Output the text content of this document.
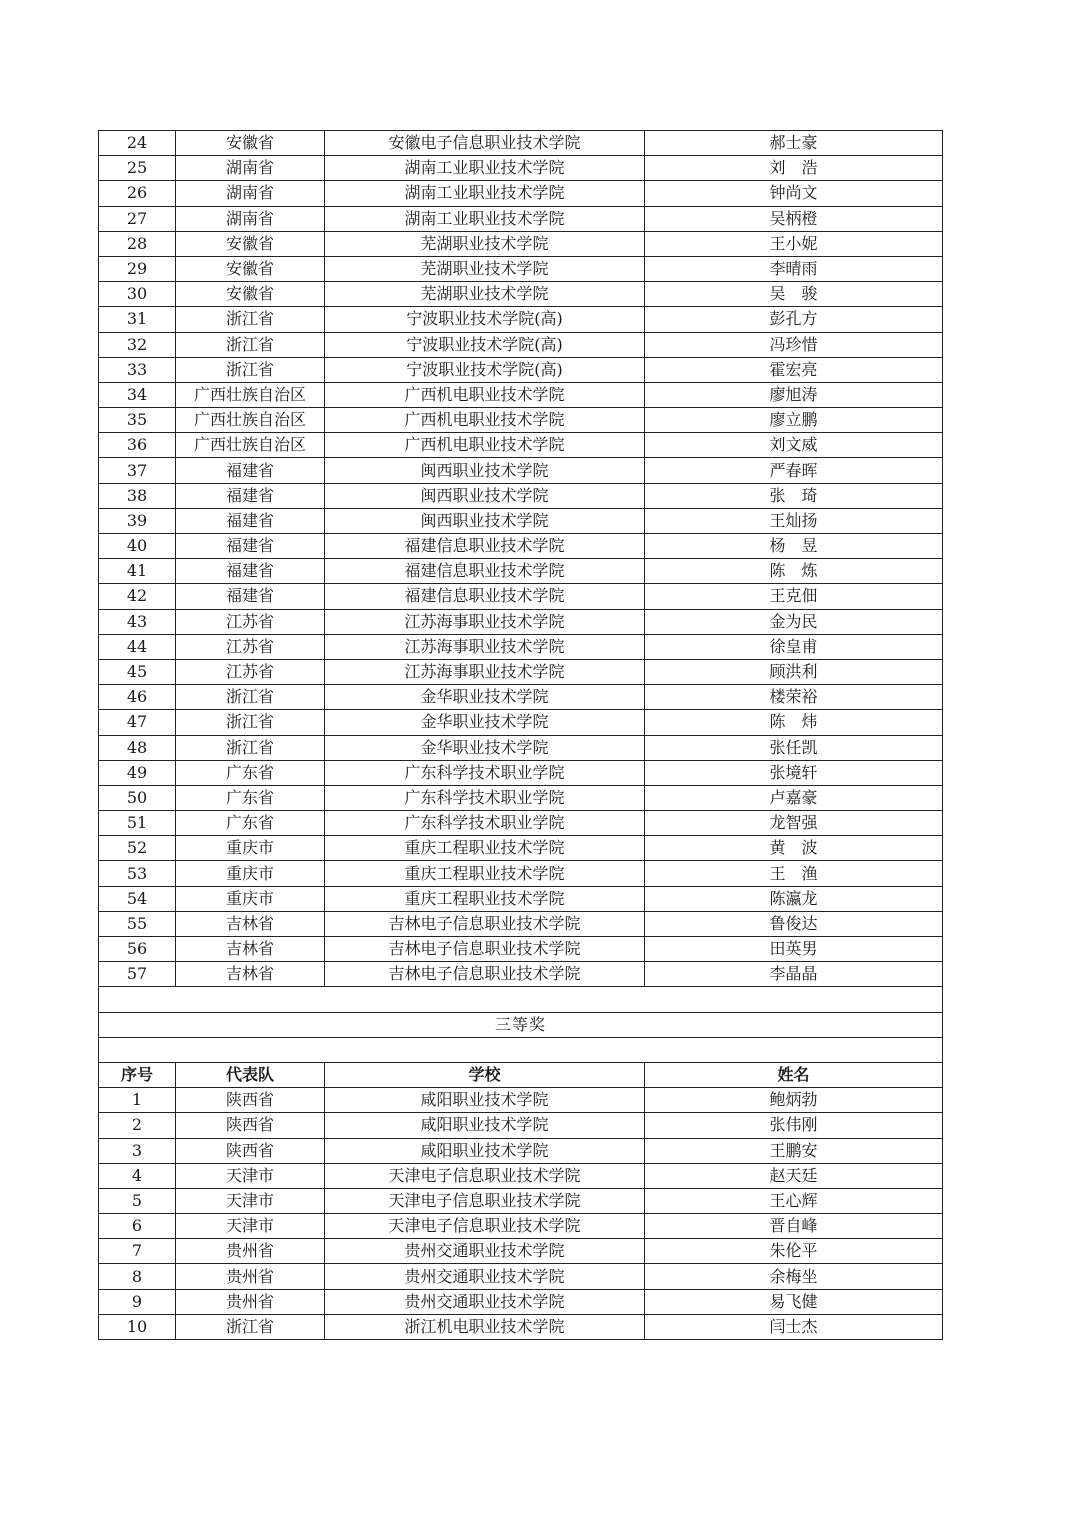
24	安徽省	安徽电子信息职业技术学院	郝士豪
25	湖南省	湖南工业职业技术学院	刘　浩
26	湖南省	湖南工业职业技术学院	钟尚文
27	湖南省	湖南工业职业技术学院	吴柄橙
28	安徽省	芜湖职业技术学院	王小妮
29	安徽省	芜湖职业技术学院	李晴雨
30	安徽省	芜湖职业技术学院	吴　骏
31	浙江省	宁波职业技术学院(高)	彭孔方
32	浙江省	宁波职业技术学院(高)	冯珍惜
33	浙江省	宁波职业技术学院(高)	霍宏亮
34	广西壮族自治区	广西机电职业技术学院	廖旭涛
35	广西壮族自治区	广西机电职业技术学院	廖立鹏
36	广西壮族自治区	广西机电职业技术学院	刘文威
37	福建省	闽西职业技术学院	严春晖
38	福建省	闽西职业技术学院	张　琦
39	福建省	闽西职业技术学院	王灿扬
40	福建省	福建信息职业技术学院	杨　昱
41	福建省	福建信息职业技术学院	陈　炼
42	福建省	福建信息职业技术学院	王克佃
43	江苏省	江苏海事职业技术学院	金为民
44	江苏省	江苏海事职业技术学院	徐皇甫
45	江苏省	江苏海事职业技术学院	顾洪利
46	浙江省	金华职业技术学院	楼荣裕
47	浙江省	金华职业技术学院	陈　炜
48	浙江省	金华职业技术学院	张任凯
49	广东省	广东科学技术职业学院	张境轩
50	广东省	广东科学技术职业学院	卢嘉豪
51	广东省	广东科学技术职业学院	龙智强
52	重庆市	重庆工程职业技术学院	黄　波
53	重庆市	重庆工程职业技术学院	王　渔
54	重庆市	重庆工程职业技术学院	陈瀛龙
55	吉林省	吉林电子信息职业技术学院	鲁俊达
56	吉林省	吉林电子信息职业技术学院	田英男
57	吉林省	吉林电子信息职业技术学院	李晶晶

三等奖			

序号	代表队	学校	姓名
1	陕西省	咸阳职业技术学院	鲍炳勃
2	陕西省	咸阳职业技术学院	张伟刚
3	陕西省	咸阳职业技术学院	王鹏安
4	天津市	天津电子信息职业技术学院	赵天廷
5	天津市	天津电子信息职业技术学院	王心辉
6	天津市	天津电子信息职业技术学院	晋自峰
7	贵州省	贵州交通职业技术学院	朱伦平
8	贵州省	贵州交通职业技术学院	余梅坐
9	贵州省	贵州交通职业技术学院	易飞健
10	浙江省	浙江机电职业技术学院	闫士杰
